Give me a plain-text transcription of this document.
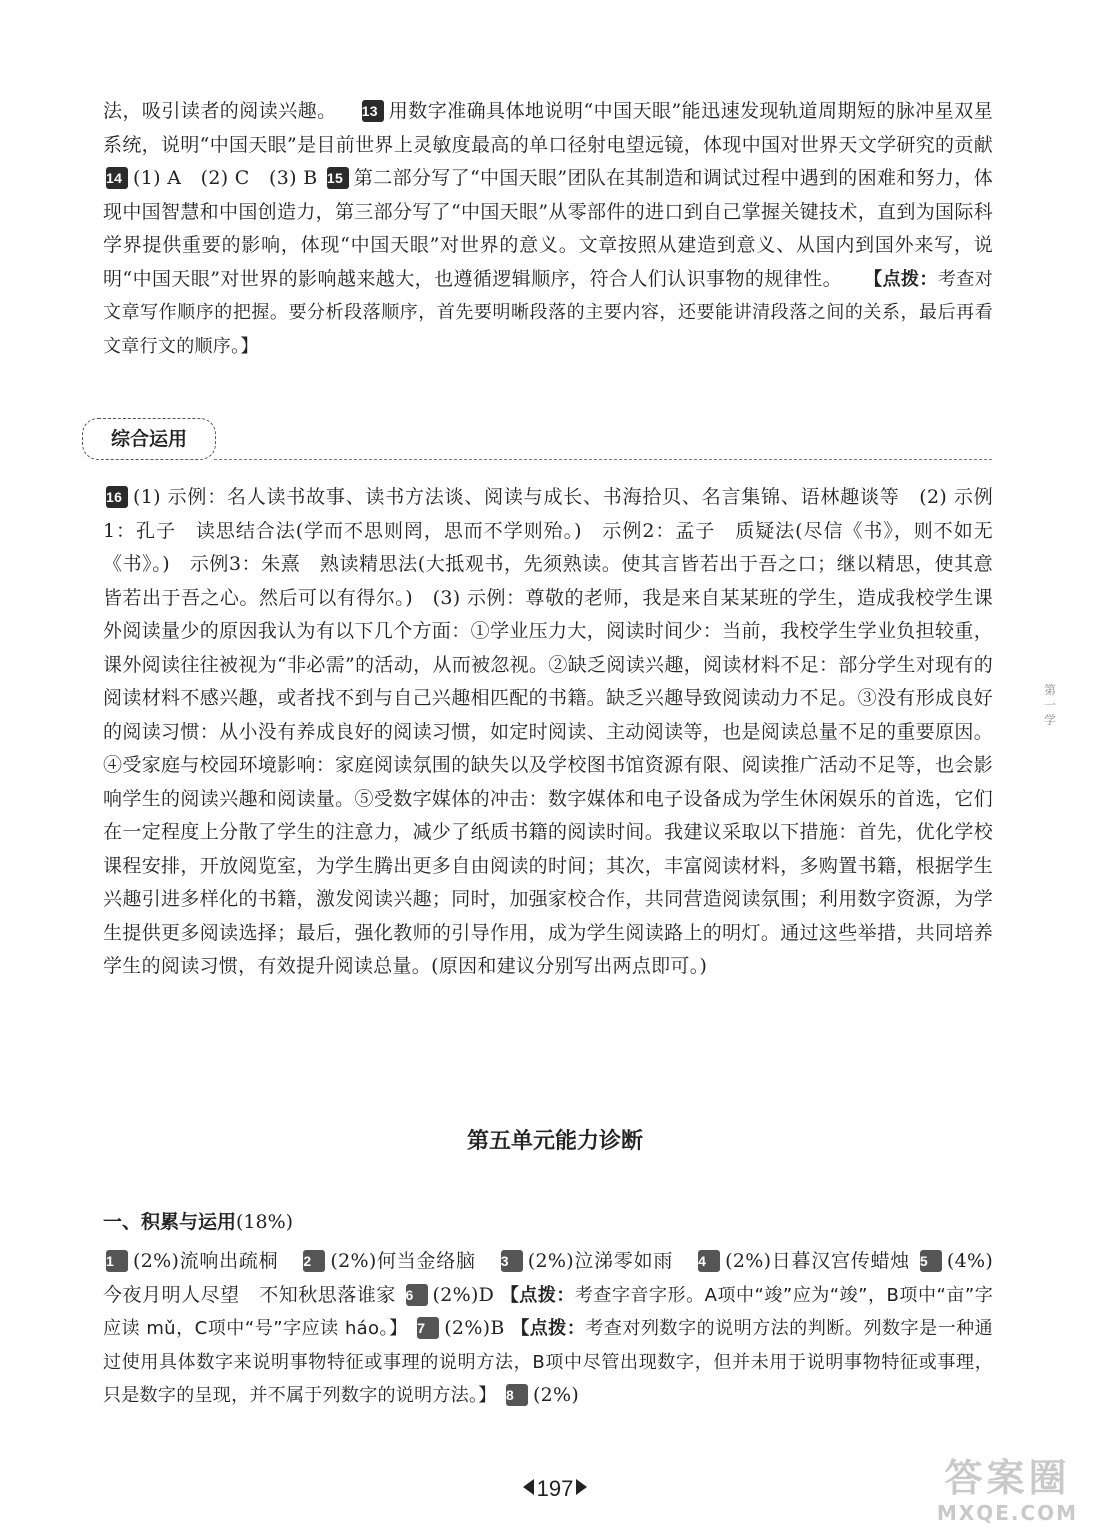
法，吸引读者的阅读兴趣。 13 用数字准确具体地说明“中国天眼”能迅速发现轨道周期短的脉冲星双星系统，说明“中国天眼”是目前世界上灵敏度最高的单口径射电望远镜，体现中国对世界天文学研究的贡献 14 (1) A　(2) C　(3) B 15 第二部分写了“中国天眼”团队在其制造和调试过程中遇到的困难和努力，体现中国智慧和中国创造力，第三部分写了“中国天眼”从零部件的进口到自己掌握关键技术，直到为国际科学界提供重要的影响，体现“中国天眼”对世界的意义。文章按照从建造到意义、从国内到国外来写，说明“中国天眼”对世界的影响越来越大，也遵循逻辑顺序，符合人们认识事物的规律性。 【点拨：考查对文章写作顺序的把握。要分析段落顺序，首先要明晰段落的主要内容，还要能讲清段落之间的关系，最后再看文章行文的顺序。】
综合运用
16 (1) 示例：名人读书故事、读书方法谈、阅读与成长、书海拾贝、名言集锦、语林趣谈等　(2) 示例1：孔子　读思结合法(学而不思则罔，思而不学则殆。)　示例2：孟子　质疑法(尽信《书》，则不如无《书》。)　示例3：朱熹　熟读精思法(大抵观书，先须熟读。使其言皆若出于吾之口；继以精思，使其意皆若出于吾之心。然后可以有得尔。)　(3) 示例：尊敬的老师，我是来自某某班的学生，造成我校学生课外阅读量少的原因我认为有以下几个方面：①学业压力大，阅读时间少：当前，我校学生学业负担较重，课外阅读往往被视为“非必需”的活动，从而被忽视。②缺乏阅读兴趣，阅读材料不足：部分学生对现有的阅读材料不感兴趣，或者找不到与自己兴趣相匹配的书籍。缺乏兴趣导致阅读动力不足。③没有形成良好的阅读习惯：从小没有养成良好的阅读习惯，如定时阅读、主动阅读等，也是阅读总量不足的重要原因。④受家庭与校园环境影响：家庭阅读氛围的缺失以及学校图书馆资源有限、阅读推广活动不足等，也会影响学生的阅读兴趣和阅读量。⑤受数字媒体的冲击：数字媒体和电子设备成为学生休闲娱乐的首选，它们在一定程度上分散了学生的注意力，减少了纸质书籍的阅读时间。我建议采取以下措施：首先，优化学校课程安排，开放阅览室，为学生腾出更多自由阅读的时间；其次，丰富阅读材料，多购置书籍，根据学生兴趣引进多样化的书籍，激发阅读兴趣；同时，加强家校合作，共同营造阅读氛围；利用数字资源，为学生提供更多阅读选择；最后，强化教师的引导作用，成为学生阅读路上的明灯。通过这些举措，共同培养学生的阅读习惯，有效提升阅读总量。(原因和建议分别写出两点即可。)
第五单元能力诊断
一、积累与运用(18%)
1 (2%)流响出疏桐 2 (2%)何当金络脑 3 (2%)泣涕零如雨 4 (2%)日暮汉宫传蜡烛 5 (4%)今夜月明人尽望　不知秋思落谁家 6 (2%)D 【点拨：考查字音字形。A项中“竣”应为“竣”，B项中“亩”字应读 mǔ，C项中“号”字应读 háo。】 7 (2%)B 【点拨：考查对列数字的说明方法的判断。列数字是一种通过使用具体数字来说明事物特征或事理的说明方法，B项中尽管出现数字，但并未用于说明事物特征或事理，只是数字的呈现，并不属于列数字的说明方法。】 8 (2%)
第一学
197	答案圈
MXQE.COM
